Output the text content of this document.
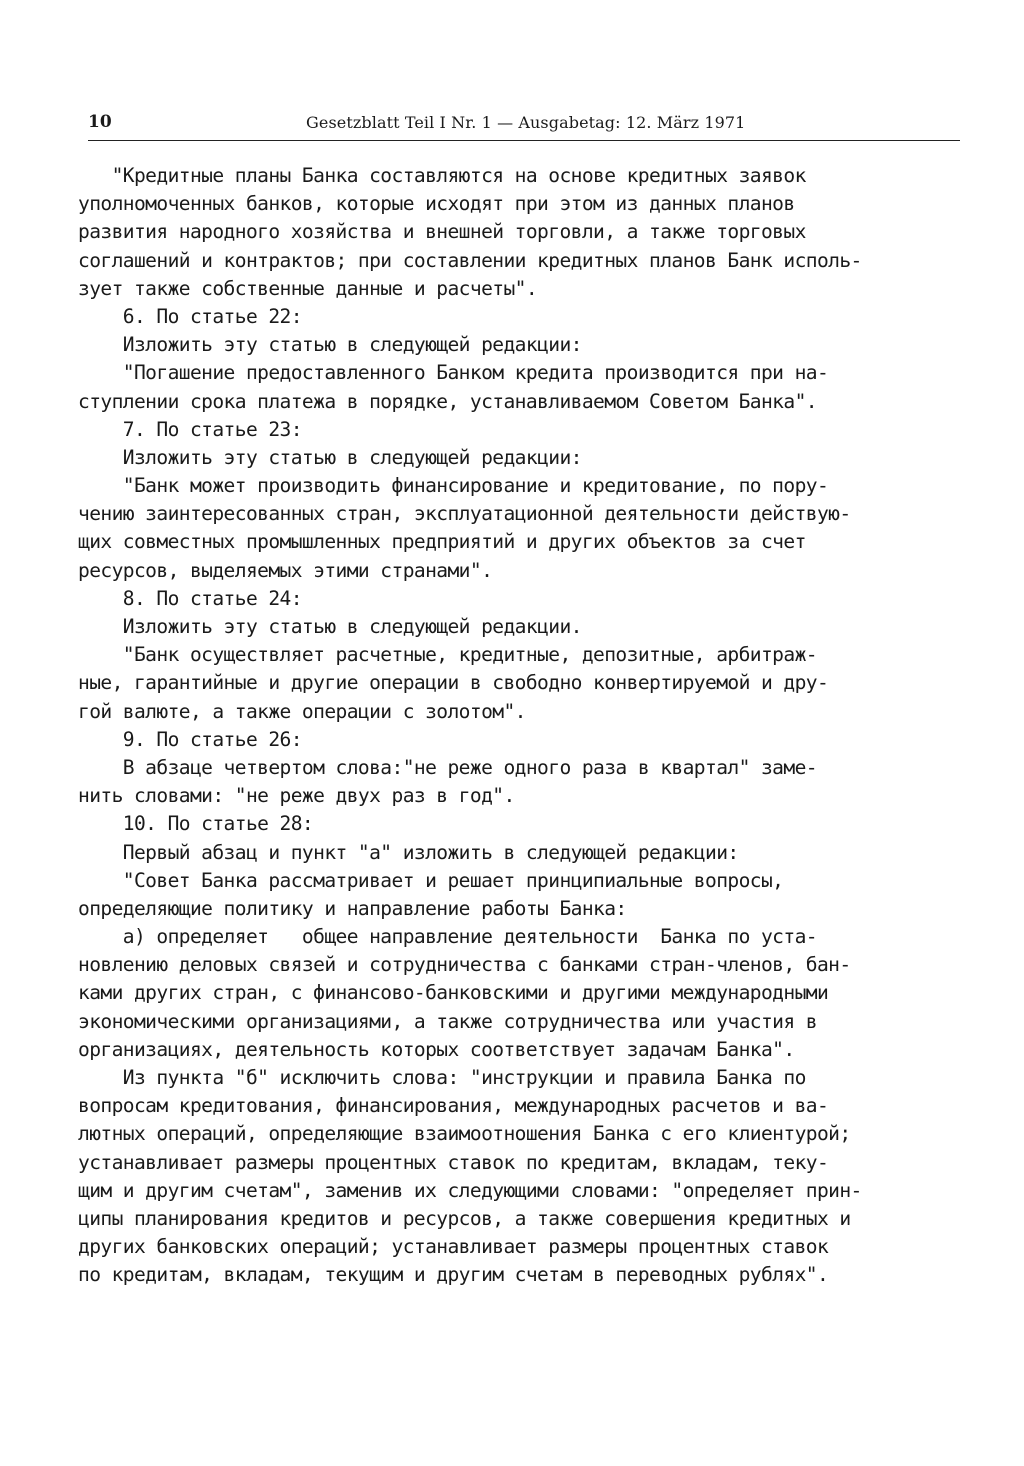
10	Gesetzblatt Teil I Nr. 1 — Ausgabetag: 12. März 1971
"Кредитные планы Банка составляются на основе кредитных заявок
уполномоченных банков, которые исходят при этом из данных планов
развития народного хозяйства и внешней торговли, а также торговых
соглашений и контрактов; при составлении кредитных планов Банк исполь-
зует также собственные данные и расчеты".
6. По статье 22:
Изложить эту статью в следующей редакции:
"Погашение предоставленного Банком кредита производится при на-
ступлении срока платежа в порядке, устанавливаемом Советом Банка".
7. По статье 23:
Изложить эту статью в следующей редакции:
"Банк может производить финансирование и кредитование, по пору-
чению заинтересованных стран, эксплуатационной деятельности действую-
щих совместных промышленных предприятий и других объектов за счет
ресурсов, выделяемых этими странами".
8. По статье 24:
Изложить эту статью в следующей редакции.
"Банк осуществляет расчетные, кредитные, депозитные, арбитраж-
ные, гарантийные и другие операции в свободно конвертируемой и дру-
гой валюте, а также операции с золотом".
9. По статье 26:
В абзаце четвертом слова:"не реже одного раза в квартал" заме-
нить словами: "не реже двух раз в год".
10. По статье 28:
Первый абзац и пункт "а" изложить в следующей редакции:
"Совет Банка рассматривает и решает принципиальные вопросы,
определяющие политику и направление работы Банка:
а) определяет   общее направление деятельности  Банка по уста-
новлению деловых связей и сотрудничества с банками стран-членов, бан-
ками других стран, с финансово-банковскими и другими международными
экономическими организациями, а также сотрудничества или участия в
организациях, деятельность которых соответствует задачам Банка".
Из пункта "б" исключить слова: "инструкции и правила Банка по
вопросам кредитования, финансирования, международных расчетов и ва-
лютных операций, определяющие взаимоотношения Банка с его клиентурой;
устанавливает размеры процентных ставок по кредитам, вкладам, теку-
щим и другим счетам", заменив их следующими словами: "определяет прин-
ципы планирования кредитов и ресурсов, а также совершения кредитных и
других банковских операций; устанавливает размеры процентных ставок
по кредитам, вкладам, текущим и другим счетам в переводных рублях".
